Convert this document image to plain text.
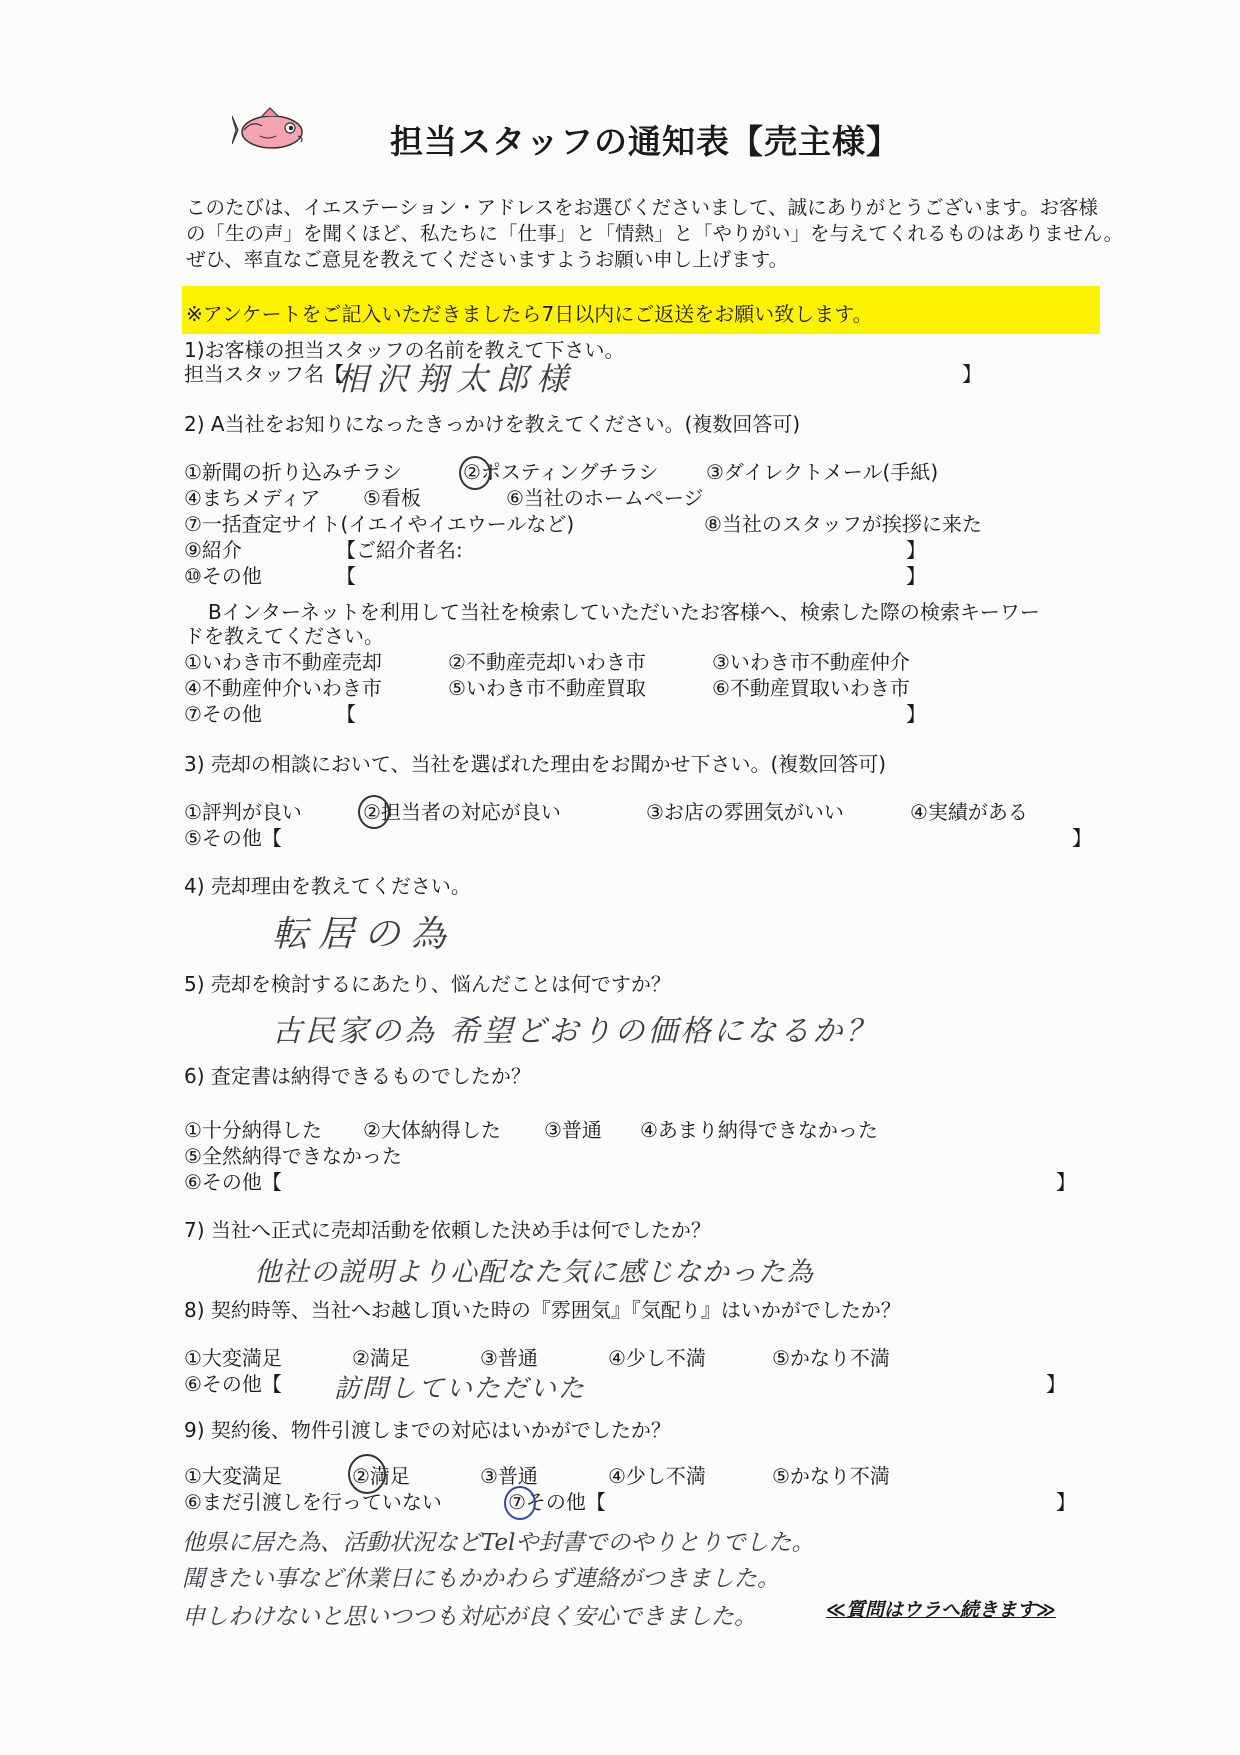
担当スタッフの通知表【売主様】
このたびは、イエステーション・アドレスをお選びくださいまして、誠にありがとうございます。お客様
の「生の声」を聞くほど、私たちに「仕事」と「情熱」と「やりがい」を与えてくれるものはありません。
ぜひ、率直なご意見を教えてくださいますようお願い申し上げます。
※アンケートをご記入いただきましたら7日以内にご返送をお願い致します。
1)お客様の担当スタッフの名前を教えて下さい。
担当スタッフ名【
相沢翔太郎様	】
2) A当社をお知りになったきっかけを教えてください。(複数回答可)
①新聞の折り込みチラシ	②ポスティングチラシ ③ダイレクトメール(手紙)
④まちメディア ⑤看板	⑥当社のホームページ
⑦一括査定サイト(イエイやイエウールなど)	⑧当社のスタッフが挨拶に来た
⑨紹介	【ご紹介者名:	】
⑩その他	【	】
Bインターネットを利用して当社を検索していただいたお客様へ、検索した際の検索キーワー
ドを教えてください。
①いわき市不動産売却	②不動産売却いわき市	③いわき市不動産仲介
④不動産仲介いわき市	⑤いわき市不動産買取	⑥不動産買取いわき市
⑦その他	【	】
3) 売却の相談において、当社を選ばれた理由をお聞かせ下さい。(複数回答可)
①評判が良い	②担当者の対応が良い	③お店の雰囲気がいい	④実績がある
⑤その他【	】
4) 売却理由を教えてください。
転居の為
5) 売却を検討するにあたり、悩んだことは何ですか？
古民家の為 希望どおりの価格になるか？
6) 査定書は納得できるものでしたか？
①十分納得した ②大体納得した ③普通 ④あまり納得できなかった
⑤全然納得できなかった
⑥その他【	】
7) 当社へ正式に売却活動を依頼した決め手は何でしたか？
他社の説明より心配なた気に感じなかった為
8) 契約時等、当社へお越し頂いた時の『雰囲気』『気配り』はいかがでしたか？
①大変満足	②満足	③普通	④少し不満	⑤かなり不満
⑥その他【 訪問していただいた	】
9) 契約後、物件引渡しまでの対応はいかがでしたか？
①大変満足	②満足	③普通	④少し不満	⑤かなり不満
⑥まだ引渡しを行っていない	⑦その他【	】
他県に居た為、活動状況などTelや封書でのやりとりでした。
聞きたい事など休業日にもかかわらず連絡がつきました。
申しわけないと思いつつも対応が良く安心できました。	≪質問はウラへ続きます≫
